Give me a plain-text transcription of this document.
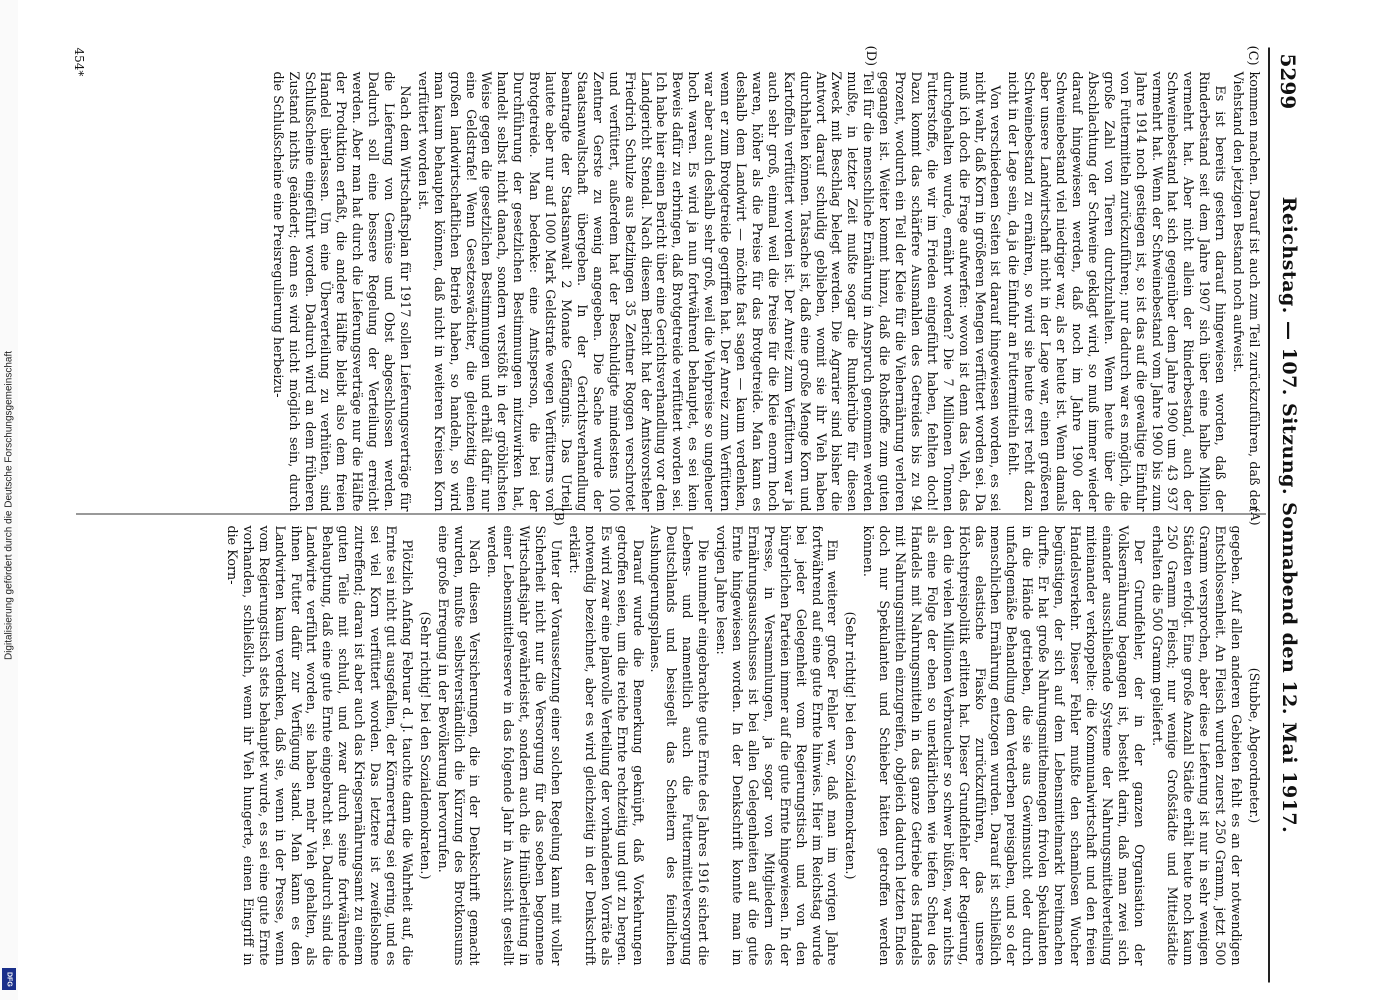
Digitalisierung gefördert durch die Deutsche Forschungsgemeinschaft
DFG
5299
Reichstag. — 107. Sitzung. Sonnabend den 12. Mai 1917.
(C)
(D)
(A)
(B)

kommen machen. Darauf ist auch zum Teil zurückzuführen, daß der Viehstand den jetzigen Bestand noch aufweist.

Es ist bereits gestern darauf hingewiesen worden, daß der Rinderbestand seit dem Jahre 1907 sich über eine halbe Million vermehrt hat. Aber nicht allein der Rinderbestand, auch der Schweinebestand hat sich gegenüber dem Jahre 1900 um 43 937 vermehrt hat. Wenn der Schweinebestand vom Jahre 1900 bis zum Jahre 1914 noch gestiegen ist, so ist das auf die gewaltige Einfuhr von Futtermitteln zurückzuführen; nur dadurch war es möglich, die große Zahl von Tieren durchzuhalten. Wenn heute über die Abschlachtung der Schweine geklagt wird, so muß immer wieder darauf hingewiesen werden, daß noch im Jahre 1900 der Schweinebestand viel niedriger war, als er heute ist. Wenn damals aber unsere Landwirtschaft nicht in der Lage war, einen größeren Schweinebestand zu ernähren, so wird sie heute erst recht dazu nicht in der Lage sein, da ja die Einfuhr an Futtermitteln fehlt.

Von verschiedenen Seiten ist darauf hingewiesen worden, es sei nicht wahr, daß Korn in größeren Mengen verfüttert worden sei. Da muß ich doch die Frage aufwerfen: wovon ist denn das Vieh, das durchgehalten wurde, ernährt worden? Die 7 Millionen Tonnen Futterstoffe, die wir im Frieden eingeführt haben, fehlten doch! Dazu kommt das schärfere Ausmahlen des Getreides bis zu 94 Prozent, wodurch ein Teil der Kleie für die Viehernährung verloren gegangen ist. Weiter kommt hinzu, daß die Rohstoffe zum guten Teil für die menschliche Ernährung in Anspruch genommen werden mußte, in letzter Zeit mußte sogar die Runkelrübe für diesen Zweck mit Beschlag belegt werden. Die Agrarier sind bisher die Antwort darauf schuldig geblieben, womit sie ihr Vieh haben durchhalten können. Tatsache ist, daß eine große Menge Korn und Kartoffeln verfüttert worden ist. Der Anreiz zum Verfüttern war ja auch sehr groß, einmal weil die Preise für die Kleie enorm hoch waren, höher als die Preise für das Brotgetreide. Man kann es deshalb dem Landwirt — möchte fast sagen — kaum verdenken, wenn er zum Brotgetreide gegriffen hat. Der Anreiz zum Verfüttern war aber auch deshalb sehr groß, weil die Viehpreise so ungeheuer hoch waren. Es wird ja nun fortwährend behauptet, es sei kein Beweis dafür zu erbringen, daß Brotgetreide verfüttert worden sei. Ich habe hier einen Bericht über eine Gerichtsverhandlung vor dem Landgericht Stendal. Nach diesem Bericht hat der Amtsvorsteher Friedrich Schulze aus Betzlingen 35 Zentner Roggen verschrotet und verfüttert, außerdem hat der Beschuldigte mindestens 100 Zentner Gerste zu wenig angegeben. Die Sache wurde der Staatsanwaltschaft übergeben. In der Gerichtsverhandlung beantragte der Staatsanwalt 2 Monate Gefängnis. Das Urteil lautete aber nur auf 1000 Mark Geldstrafe wegen Verfütterns von Brotgetreide. Man bedenke: eine Amtsperson, die bei der Durchführung der gesetzlichen Bestimmungen mitzuwirken hat, handelt selbst nicht danach, sondern verstößt in der gröblichsten Weise gegen die gesetzlichen Bestimmungen und erhält dafür nur eine Geldstrafe! Wenn Gesetzeswächter, die gleichzeitig einen großen landwirtschaftlichen Betrieb haben, so handeln, so wird man kaum behaupten können, daß nicht in weiteren Kreisen Korn verfüttert worden ist.

Nach dem Wirtschaftsplan für 1917 sollen Lieferungsverträge für die Lieferung von Gemüse und Obst abgeschlossen werden. Dadurch soll eine bessere Regelung der Verteilung erreicht werden. Aber man hat durch die Lieferungsverträge nur die Hälfte der Produktion erfaßt, die andere Hälfte bleibt also dem freien Handel überlassen. Um eine Überverteilung zu verhüten, sind Schlußscheine eingeführt worden. Dadurch wird an dem früheren Zustand nichts geändert; denn es wird nicht möglich sein, durch die Schlußscheine eine Preisregulierung herbeizu-

(Stubbe, Abgeordneter.)

gegeben. Auf allen anderen Gebieten fehlt es an der notwendigen Entschlossenheit. An Fleisch wurden zuerst 250 Gramm, jetzt 500 Gramm versprochen, aber diese Lieferung ist nur in sehr wenigen Städten erfolgt. Eine große Anzahl Städte erhält heute noch kaum 250 Gramm Fleisch; nur wenige Großstädte und Mittelstädte erhalten die 500 Gramm geliefert.

Der Grundfehler, der in der ganzen Organisation der Volksernährung begangen ist, besteht darin, daß man zwei sich einander ausschließende Systeme der Nahrungsmittelverteilung miteinander verkoppelte: die Kommunalwirtschaft und den freien Handelsverkehr. Dieser Fehler mußte den schamlosen Wucher begünstigen, der sich auf dem Lebensmittelmarkt breitmachen durfte. Er hat große Nahrungsmittelmengen frivolen Spekulanten in die Hände getrieben, die sie aus Gewinnsucht oder durch unfachgemäße Behandlung dem Verderben preisgaben, und so der menschlichen Ernährung entzogen wurden. Darauf ist schließlich das elastische Fiasko zurückzuführen, das unsere Höchstpreispolitik erlitten hat. Dieser Grundfehler der Regierung, den die vielen Millionen Verbraucher so schwer büßten, war nichts als eine Folge der eben so unerklärlichen wie tiefen Scheu des Handels mit Nahrungsmitteln in das ganze Getriebe des Handels mit Nahrungsmitteln einzugreifen, obgleich dadurch letzten Endes doch nur Spekulanten und Schieber hätten getroffen werden können.

(Sehr richtig! bei den Sozialdemokraten.)

Ein weiterer großer Fehler war, daß man im vorigen Jahre fortwährend auf eine gute Ernte hinwies. Hier im Reichstag wurde bei jeder Gelegenheit vom Regierungstisch und von den bürgerlichen Parteien immer auf die gute Ernte hingewiesen. In der Presse, in Versammlungen, ja sogar von Mitgliedern des Ernährungsausschusses ist bei allen Gelegenheiten auf die gute Ernte hingewiesen worden. In der Denkschrift konnte man im vorigen Jahre lesen:

Die nunmehr eingebrachte gute Ernte des Jahres 1916 sichert die Lebens- und namentlich auch die Futtermittelversorgung Deutschlands und besiegelt das Scheitern des feindlichen Aushungerungsplanes.

Darauf wurde die Bemerkung geknüpft, daß Vorkehrungen getroffen seien, um die reiche Ernte rechtzeitig und gut zu bergen. Es wird zwar eine planvolle Verteilung der vorhandenen Vorräte als notwendig bezeichnet, aber es wird gleichzeitig in der Denkschrift erklärt:

Unter der Voraussetzung einer solchen Regelung kann mit voller Sicherheit nicht nur die Versorgung für das soeben begonnene Wirtschaftsjahr gewährleistet, sondern auch die Hinüberleitung in einer Lebensmittelreserve in das folgende Jahr in Aussicht gestellt werden.

Nach diesen Versicherungen, die in der Denkschrift gemacht wurden, mußte selbstverständlich die Kürzung des Brotkonsums eine große Erregung in der Bevölkerung hervorrufen.

(Sehr richtig! bei den Sozialdemokraten.)

Plötzlich Anfang Februar d. J. tauchte dann die Wahrheit auf, die Ernte sei nicht gut ausgefallen, der Körnerertrag sei gering, und es sei viel Korn verfüttert worden. Das letztere ist zweifelsohne zutreffend; daran ist aber auch das Kriegsernährungsamt zu einem guten Teile mit schuld, und zwar durch seine fortwährende Behauptung, daß eine gute Ernte eingebracht sei. Dadurch sind die Landwirte verführt worden, sie haben mehr Vieh gehalten, als ihnen Futter dafür zur Verfügung stand. Man kann es den Landwirten kaum verdenken, daß sie, wenn in der Presse, wenn vom Regierungstisch stets behauptet wurde, es sei eine gute Ernte vorhanden, schließlich, wenn ihr Vieh hungerte, einen Eingriff in die Korn-

454*
